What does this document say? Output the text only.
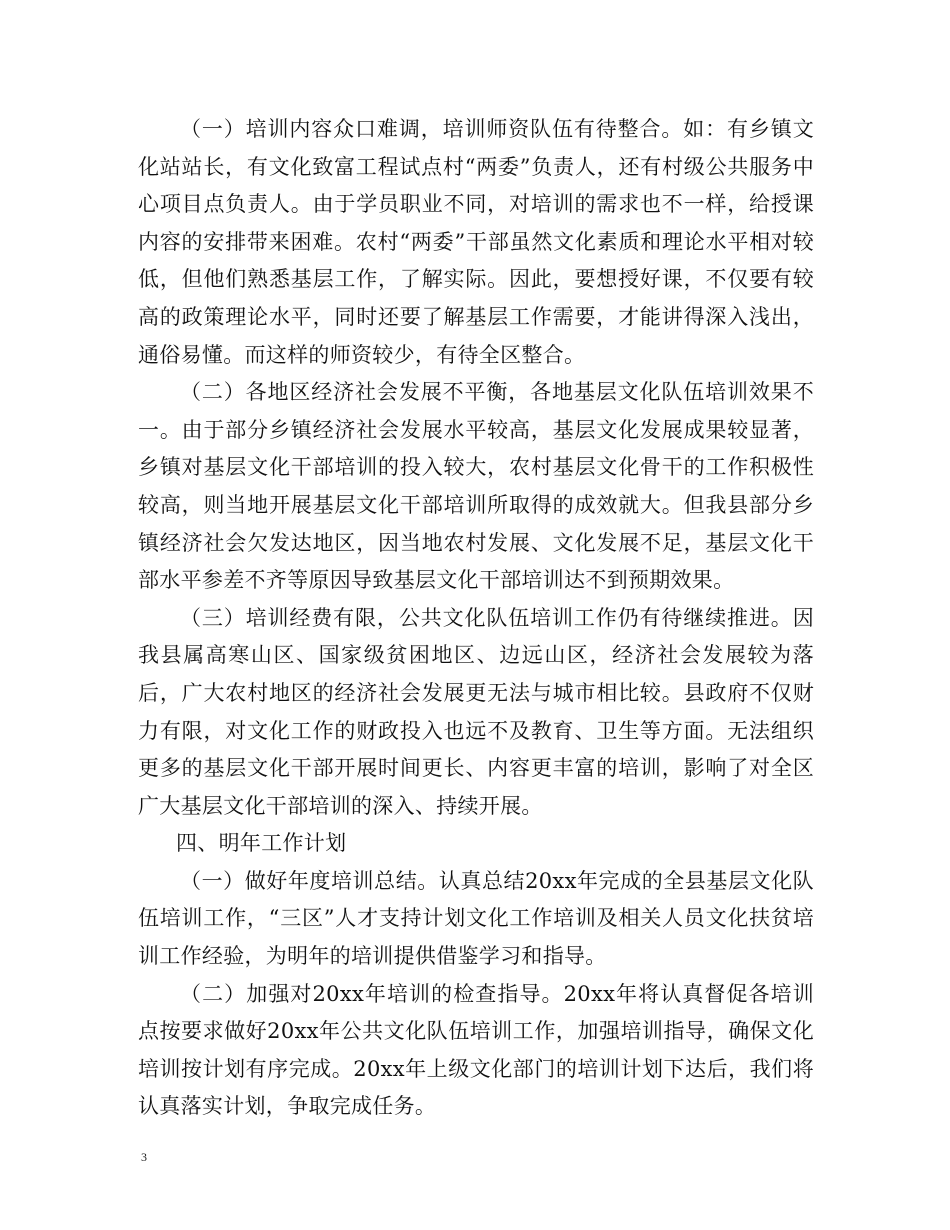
（一）培训内容众口难调，培训师资队伍有待整合。如：有乡镇文化站站长，有文化致富工程试点村“两委”负责人，还有村级公共服务中心项目点负责人。由于学员职业不同，对培训的需求也不一样，给授课内容的安排带来困难。农村“两委”干部虽然文化素质和理论水平相对较低，但他们熟悉基层工作，了解实际。因此，要想授好课，不仅要有较高的政策理论水平，同时还要了解基层工作需要，才能讲得深入浅出，通俗易懂。而这样的师资较少，有待全区整合。

（二）各地区经济社会发展不平衡，各地基层文化队伍培训效果不一。由于部分乡镇经济社会发展水平较高，基层文化发展成果较显著，乡镇对基层文化干部培训的投入较大，农村基层文化骨干的工作积极性较高，则当地开展基层文化干部培训所取得的成效就大。但我县部分乡镇经济社会欠发达地区，因当地农村发展、文化发展不足，基层文化干部水平参差不齐等原因导致基层文化干部培训达不到预期效果。

（三）培训经费有限，公共文化队伍培训工作仍有待继续推进。因我县属高寒山区、国家级贫困地区、边远山区，经济社会发展较为落后，广大农村地区的经济社会发展更无法与城市相比较。县政府不仅财力有限，对文化工作的财政投入也远不及教育、卫生等方面。无法组织更多的基层文化干部开展时间更长、内容更丰富的培训，影响了对全区广大基层文化干部培训的深入、持续开展。

四、明年工作计划

（一）做好年度培训总结。认真总结20xx年完成的全县基层文化队伍培训工作，“三区”人才支持计划文化工作培训及相关人员文化扶贫培训工作经验，为明年的培训提供借鉴学习和指导。

（二）加强对20xx年培训的检查指导。20xx年将认真督促各培训点按要求做好20xx年公共文化队伍培训工作，加强培训指导，确保文化培训按计划有序完成。20xx年上级文化部门的培训计划下达后，我们将认真落实计划，争取完成任务。

3
